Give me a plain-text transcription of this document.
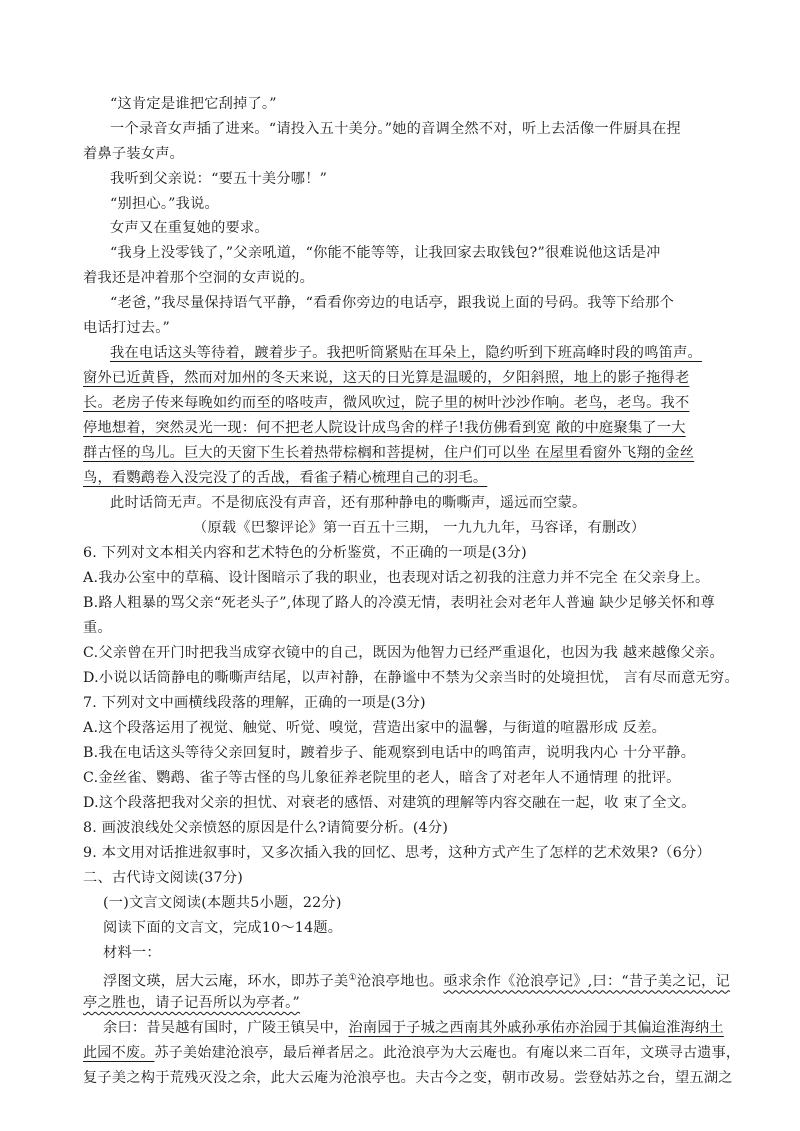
“这肯定是谁把它刮掉了。”
一个录音女声插了进来。“请投入五十美分。”她的音调全然不对，听上去活像一件厨具在捏
着鼻子装女声。
我听到父亲说：“要五十美分哪！”
“别担心。”我说。
女声又在重复她的要求。
“我身上没零钱了，”父亲吼道，“你能不能等等，让我回家去取钱包?”很难说他这话是冲
着我还是冲着那个空洞的女声说的。
“老爸，”我尽量保持语气平静，“看看你旁边的电话亭，跟我说上面的号码。我等下给那个
电话打过去。”
我在电话这头等待着，踱着步子。我把听筒紧贴在耳朵上，隐约听到下班高峰时段的鸣笛声。
窗外已近黄昏，然而对加州的冬天来说，这天的日光算是温暖的，夕阳斜照，地上的影子拖得老
长。老房子传来每晚如约而至的咯吱声，微风吹过，院子里的树叶沙沙作响。老鸟，老鸟。我不
停地想着，突然灵光一现：何不把老人院设计成鸟舍的样子!我仿佛看到宽 敞的中庭聚集了一大
群古怪的鸟儿。巨大的天窗下生长着热带棕榈和菩提树，住户们可以坐 在屋里看窗外飞翔的金丝
鸟，看鹦鹉卷入没完没了的舌战，看雀子精心梳理自己的羽毛。
此时话筒无声。不是彻底没有声音，还有那种静电的嘶嘶声，遥远而空蒙。
（原载《巴黎评论》第一百五十三期， 一九九九年，马容译，有删改）
6. 下列对文本相关内容和艺术特色的分析鉴赏，不正确的一项是(3分)
A.我办公室中的草稿、设计图暗示了我的职业，也表现对话之初我的注意力并不完全 在父亲身上。
B.路人粗暴的骂父亲“死老头子”,体现了路人的冷漠无情，表明社会对老年人普遍 缺少足够关怀和尊
重。
C.父亲曾在开门时把我当成穿衣镜中的自己，既因为他智力已经严重退化，也因为我 越来越像父亲。
D.小说以话筒静电的嘶嘶声结尾，以声衬静，在静谧中不禁为父亲当时的处境担忧， 言有尽而意无穷。
7. 下列对文中画横线段落的理解，正确的一项是(3分)
A.这个段落运用了视觉、触觉、听觉、嗅觉，营造出家中的温馨，与街道的喧嚣形成 反差。
B.我在电话这头等待父亲回复时，踱着步子、能观察到电话中的鸣笛声，说明我内心 十分平静。
C.金丝雀、鹦鹉、雀子等古怪的鸟儿象征养老院里的老人，暗含了对老年人不通情理 的批评。
D.这个段落把我对父亲的担忧、对衰老的感悟、对建筑的理解等内容交融在一起，收 束了全文。
8. 画波浪线处父亲愤怒的原因是什么?请简要分析。(4分)
9. 本文用对话推进叙事时，又多次插入我的回忆、思考，这种方式产生了怎样的艺术效果?（6分）
二、古代诗文阅读(37分)
(一)文言文阅读(本题共5小题，22分)
阅读下面的文言文，完成10～14题。
材料一：
浮图文瑛，居大云庵，环水，即苏子美①沧浪亭地也。亟求余作《沧浪亭记》,曰：“昔子美之记，记
亭之胜也，请子记吾所以为亭者。”
余曰：昔吴越有国时，广陵王镇吴中，治南园于子城之西南其外戚孙承佑亦治园于其偏迨淮海纳土
此园不废。苏子美始建沧浪亭，最后禅者居之。此沧浪亭为大云庵也。有庵以来二百年，文瑛寻古遗事，
复子美之构于荒残灭没之余，此大云庵为沧浪亭也。夫古今之变，朝市改易。尝登姑苏之台，望五湖之
